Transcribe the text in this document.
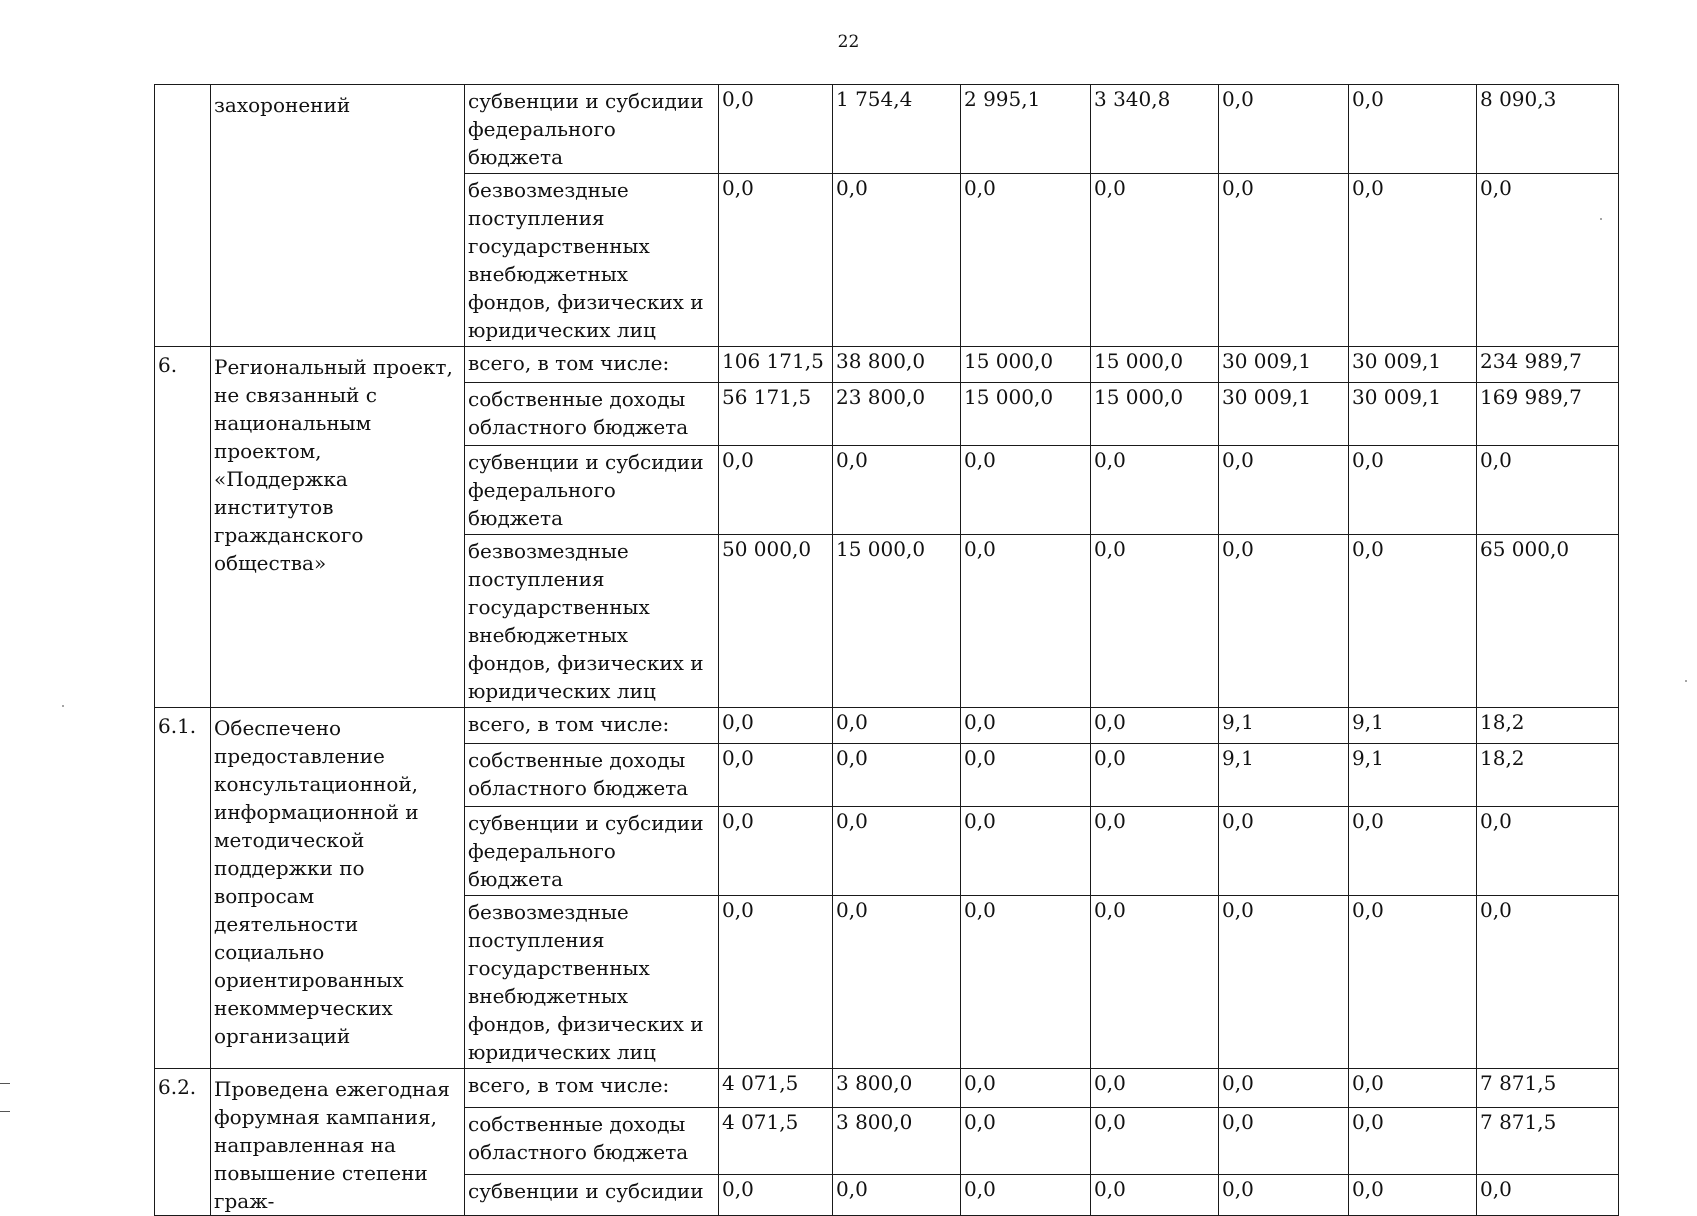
22
	захоронений	субвенции и субсидии федерального бюджета	0,0	1 754,4	2 995,1	3 340,8	0,0	0,0	8 090,3
		безвозмездные поступления государственных внебюджетных фондов, физических и юридических лиц	0,0	0,0	0,0	0,0	0,0	0,0	0,0
6.	Региональный проект, не связанный с национальным проектом, «Поддержка институтов гражданского общества»	всего, в том числе:	106 171,5	38 800,0	15 000,0	15 000,0	30 009,1	30 009,1	234 989,7
		собственные доходы областного бюджета	56 171,5	23 800,0	15 000,0	15 000,0	30 009,1	30 009,1	169 989,7
		субвенции и субсидии федерального бюджета	0,0	0,0	0,0	0,0	0,0	0,0	0,0
		безвозмездные поступления государственных внебюджетных фондов, физических и юридических лиц	50 000,0	15 000,0	0,0	0,0	0,0	0,0	65 000,0
6.1.	Обеспечено предоставление консультационной, информационной и методической поддержки по вопросам деятельности социально ориентированных некоммерческих организаций	всего, в том числе:	0,0	0,0	0,0	0,0	9,1	9,1	18,2
		собственные доходы областного бюджета	0,0	0,0	0,0	0,0	9,1	9,1	18,2
		субвенции и субсидии федерального бюджета	0,0	0,0	0,0	0,0	0,0	0,0	0,0
		безвозмездные поступления государственных внебюджетных фондов, физических и юридических лиц	0,0	0,0	0,0	0,0	0,0	0,0	0,0
6.2.	Проведена ежегодная форумная кампания, направленная на повышение степени граж-	всего, в том числе:	4 071,5	3 800,0	0,0	0,0	0,0	0,0	7 871,5
		собственные доходы областного бюджета	4 071,5	3 800,0	0,0	0,0	0,0	0,0	7 871,5
		субвенции и субсидии	0,0	0,0	0,0	0,0	0,0	0,0	0,0
